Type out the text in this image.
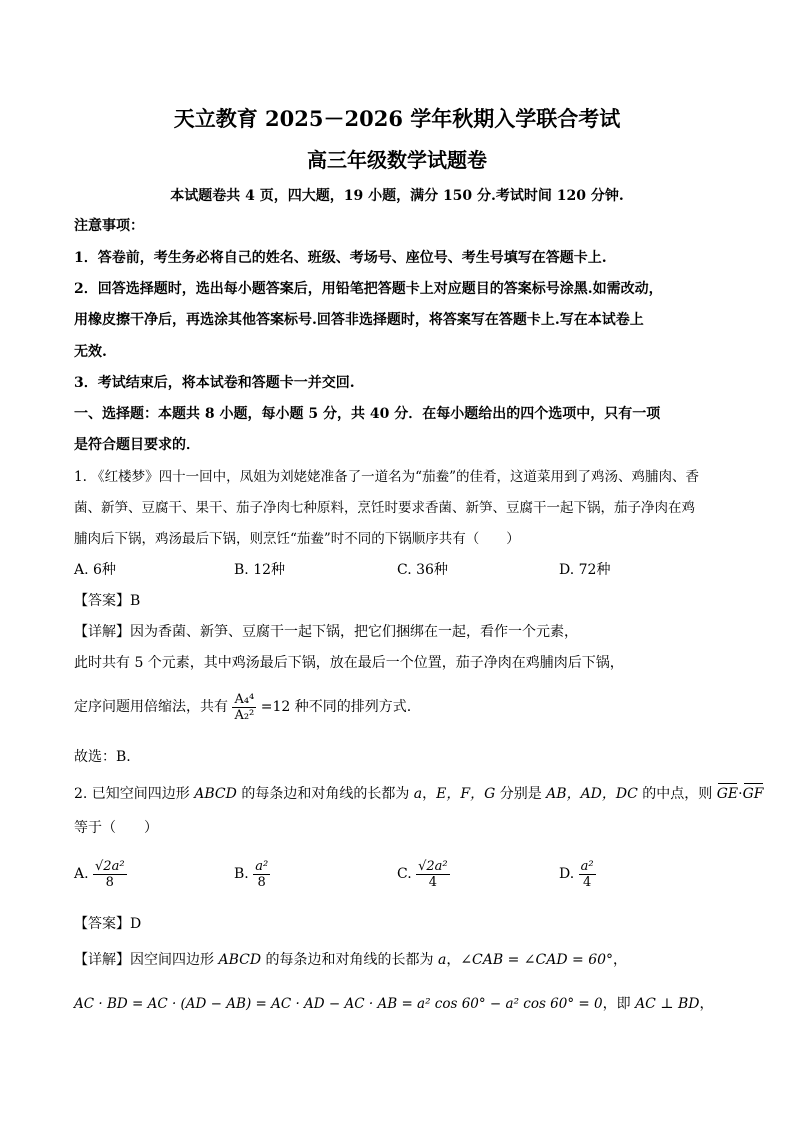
天立教育 2025－2026 学年秋期入学联合考试
高三年级数学试题卷
本试题卷共 4 页，四大题，19 小题，满分 150 分.考试时间 120 分钟.
注意事项：
1．答卷前，考生务必将自己的姓名、班级、考场号、座位号、考生号填写在答题卡上.
2．回答选择题时，选出每小题答案后，用铅笔把答题卡上对应题目的答案标号涂黑.如需改动，
用橡皮擦干净后，再选涂其他答案标号.回答非选择题时，将答案写在答题卡上.写在本试卷上
无效.
3．考试结束后，将本试卷和答题卡一并交回.
一、选择题：本题共 8 小题，每小题 5 分，共 40 分．在每小题给出的四个选项中，只有一项
是符合题目要求的．
1. 《红楼梦》四十一回中，凤姐为刘姥姥准备了一道名为“茄鲞”的佳肴，这道菜用到了鸡汤、鸡脯肉、香
菌、新笋、豆腐干、果干、茄子净肉七种原料，烹饪时要求香菌、新笋、豆腐干一起下锅，茄子净肉在鸡
脯肉后下锅，鸡汤最后下锅，则烹饪“茄鲞”时不同的下锅顺序共有（　　）
A. 6种	B. 12种	C. 36种	D. 72种
【答案】B
【详解】因为香菌、新笋、豆腐干一起下锅，把它们捆绑在一起，看作一个元素，
此时共有 5 个元素，其中鸡汤最后下锅，放在最后一个位置，茄子净肉在鸡脯肉后下锅，
定序问题用倍缩法，共有 $\frac{\text{A₄⁴}}{\text{A₂²}} =12$ 种不同的排列方式.
故选：B.
2. 已知空间四边形 ABCD 的每条边和对角线的长都为 a，E，F，G 分别是 AB，AD，DC 的中点，则 GE·GF
等于（　　）
A. $\frac{\text{√2a²}}{8}$	B. $\frac{\text{a²}}{8}$	C. $\frac{\text{√2a²}}{4}$	D. $\frac{\text{a²}}{4}$
【答案】D
【详解】因空间四边形 ABCD 的每条边和对角线的长都为 a，∠CAB = ∠CAD = 60°，
AC · BD = AC · (AD − AB) = AC · AD − AC · AB = a² cos 60° − a² cos 60° = 0，即 AC ⊥ BD，
